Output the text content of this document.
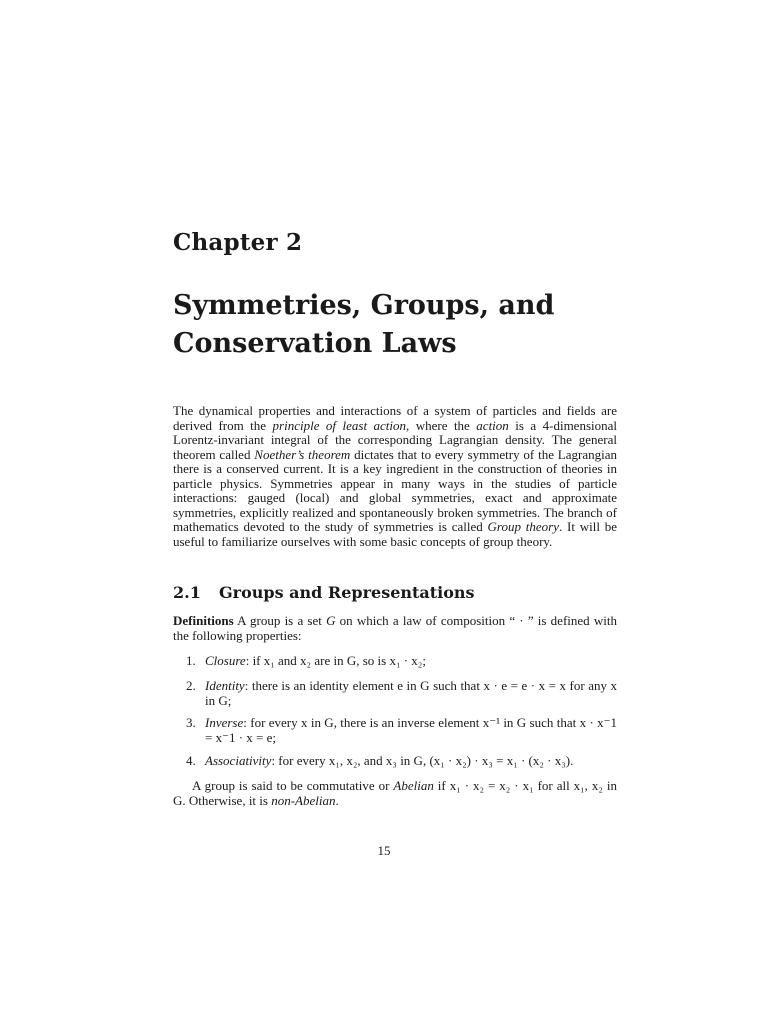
Chapter 2
Symmetries, Groups, and Conservation Laws

The dynamical properties and interactions of a system of particles and fields are derived from the principle of least action, where the action is a 4-dimensional Lorentz-invariant integral of the corresponding Lagrangian density. The general theorem called Noether’s theorem dictates that to every symmetry of the Lagrangian there is a conserved current. It is a key ingredient in the construction of theories in particle physics. Symmetries appear in many ways in the studies of particle interactions: gauged (local) and global symmetries, exact and approximate symmetries, explicitly realized and spontaneously broken symmetries. The branch of mathematics devoted to the study of symmetries is called Group theory. It will be useful to familiarize ourselves with some basic concepts of group theory.

2.1 Groups and Representations

Definitions A group is a set G on which a law of composition “ · ” is defined with the following properties:

1. Closure: if x₁ and x₂ are in G, so is x₁ · x₂;
2. Identity: there is an identity element e in G such that x · e = e · x = x for any x in G;
3. Inverse: for every x in G, there is an inverse element x⁻¹ in G such that x · x⁻1 = x⁻1 · x = e;
4. Associativity: for every x₁, x₂, and x₃ in G, (x₁ · x₂) · x₃ = x₁ · (x₂ · x₃).

A group is said to be commutative or Abelian if x₁ · x₂ = x₂ · x₁ for all x₁, x₂ in G. Otherwise, it is non-Abelian.

15
